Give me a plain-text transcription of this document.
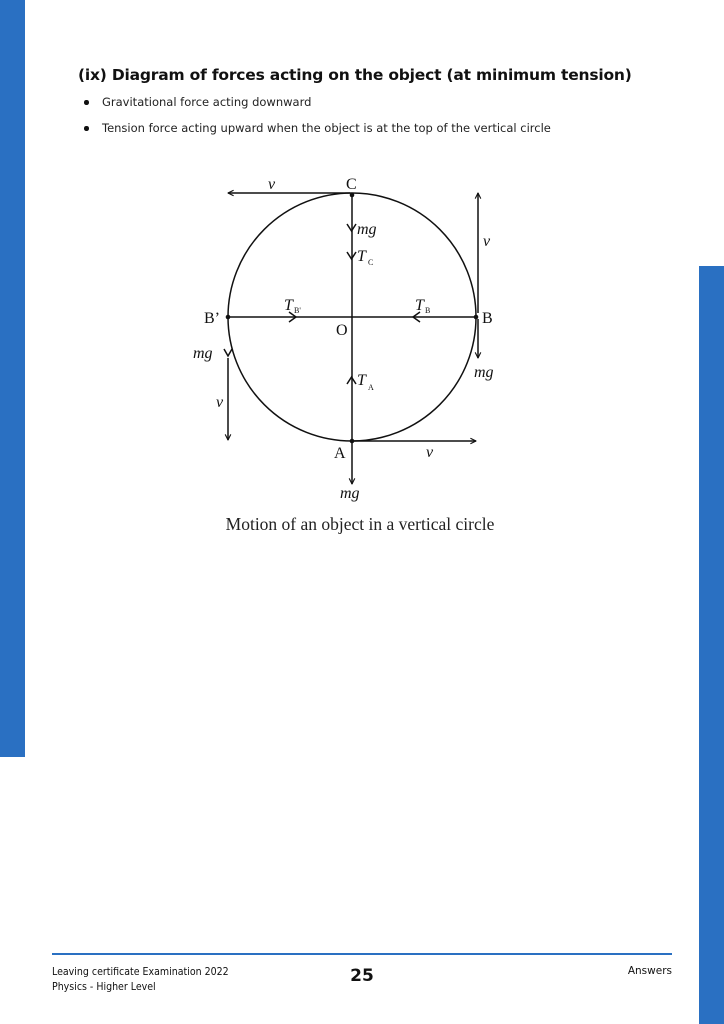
(ix) Diagram of forces acting on the object (at minimum tension)
Gravitational force acting downward
Tension force acting upward when the object is at the top of the vertical circle
C
B
B’
O
A
v
mg
T C
v
mg
T B
mg
v
T B'
T A
v
mg
Motion of an object in a vertical circle
Leaving certificate Examination 2022
Physics - Higher Level
25	Answers
